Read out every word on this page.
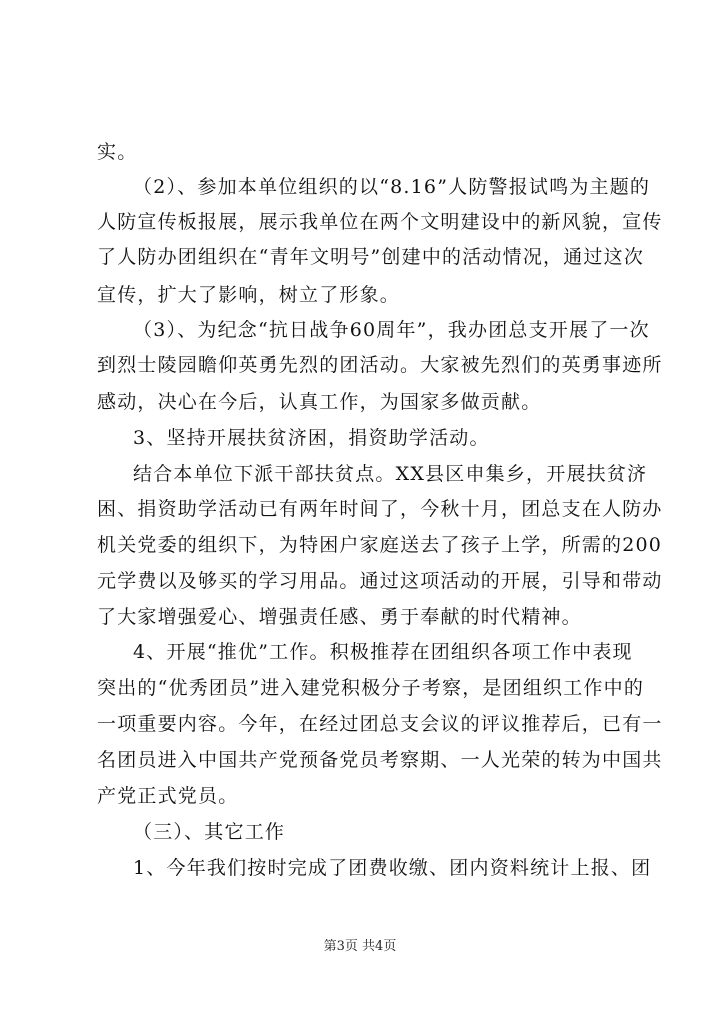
实。
（2）、参加本单位组织的以“8.16”人防警报试鸣为主题的
人防宣传板报展，展示我单位在两个文明建设中的新风貌，宣传
了人防办团组织在“青年文明号”创建中的活动情况，通过这次
宣传，扩大了影响，树立了形象。
（3）、为纪念“抗日战争60周年”，我办团总支开展了一次
到烈士陵园瞻仰英勇先烈的团活动。大家被先烈们的英勇事迹所
感动，决心在今后，认真工作，为国家多做贡献。
3、坚持开展扶贫济困，捐资助学活动。
结合本单位下派干部扶贫点。XX县区申集乡，开展扶贫济
困、捐资助学活动已有两年时间了，今秋十月，团总支在人防办
机关党委的组织下，为特困户家庭送去了孩子上学，所需的200
元学费以及够买的学习用品。通过这项活动的开展，引导和带动
了大家增强爱心、增强责任感、勇于奉献的时代精神。
4、开展“推优”工作。积极推荐在团组织各项工作中表现
突出的“优秀团员”进入建党积极分子考察，是团组织工作中的
一项重要内容。今年，在经过团总支会议的评议推荐后，已有一
名团员进入中国共产党预备党员考察期、一人光荣的转为中国共
产党正式党员。
（三）、其它工作
1、今年我们按时完成了团费收缴、团内资料统计上报、团
第3页 共4页
